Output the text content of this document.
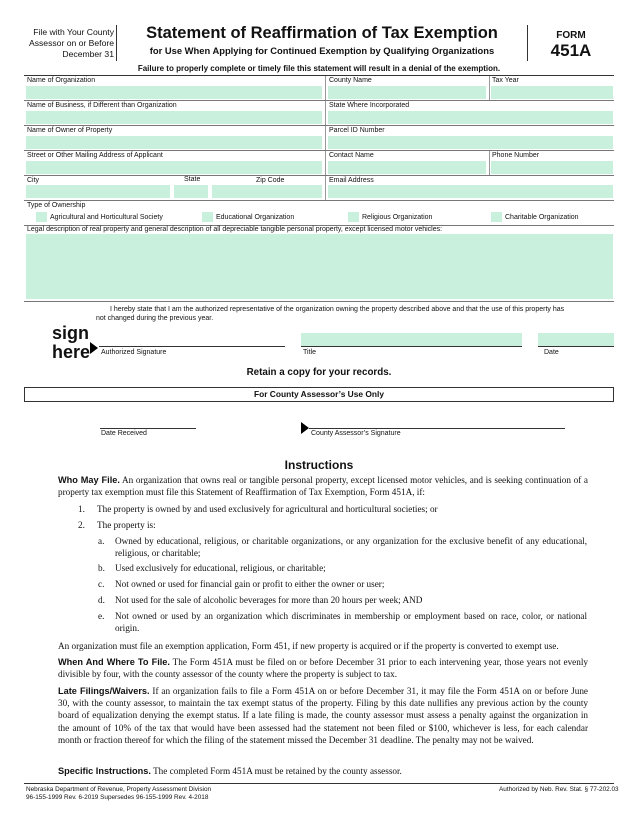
File with Your County Assessor on or Before December 31
Statement of Reaffirmation of Tax Exemption
for Use When Applying for Continued Exemption by Qualifying Organizations
FORM
451A
Failure to properly complete or timely file this statement will result in a denial of the exemption.
Name of Organization	County Name	Tax Year
Name of Business, if Different than Organization	State Where Incorporated
Name of Owner of Property	Parcel ID Number
Street or Other Mailing Address of Applicant	Contact Name	Phone Number
City	State	Zip Code	Email Address
Type of Ownership
Agricultural and Horticultural Society	Educational Organization	Religious Organization	Charitable Organization
Legal description of real property and general description of all depreciable tangible personal property, except licensed motor vehicles:
I hereby state that I am the authorized representative of the organization owning the property described above and that the use of this property has not changed during the previous year.
sign
here Authorized Signature	Title	Date
Retain a copy for your records.
For County Assessor’s Use Only
Date Received	County Assessor’s Signature
Instructions
Who May File. An organization that owns real or tangible personal property, except licensed motor vehicles, and is seeking continuation of a property tax exemption must file this Statement of Reaffirmation of Tax Exemption, Form 451A, if:
1. The property is owned by and used exclusively for agricultural and horticultural societies; or
2. The property is:
a. Owned by educational, religious, or charitable organizations, or any organization for the exclusive benefit of any educational, religious, or charitable;
b. Used exclusively for educational, religious, or charitable;
c. Not owned or used for financial gain or profit to either the owner or user;
d. Not used for the sale of alcoholic beverages for more than 20 hours per week; AND
e. Not owned or used by an organization which discriminates in membership or employment based on race, color, or national origin.
An organization must file an exemption application, Form 451, if new property is acquired or if the property is converted to exempt use.
When And Where To File. The Form 451A must be filed on or before December 31 prior to each intervening year, those years not evenly divisible by four, with the county assessor of the county where the property is subject to tax.
Late Filings/Waivers. If an organization fails to file a Form 451A on or before December 31, it may file the Form 451A on or before June 30, with the county assessor, to maintain the tax exempt status of the property. Filing by this date nullifies any previous action by the county board of equalization denying the exempt status. If a late filing is made, the county assessor must assess a penalty against the organization in the amount of 10% of the tax that would have been assessed had the statement not been filed or $100, whichever is less, for each calendar month or fraction thereof for which the filing of the statement missed the December 31 deadline. The penalty may not be waived.
Specific Instructions. The completed Form 451A must be retained by the county assessor.
Nebraska Department of Revenue, Property Assessment Division
96-155-1999 Rev. 6-2019 Supersedes 96-155-1999 Rev. 4-2018
Authorized by Neb. Rev. Stat. § 77-202.03
